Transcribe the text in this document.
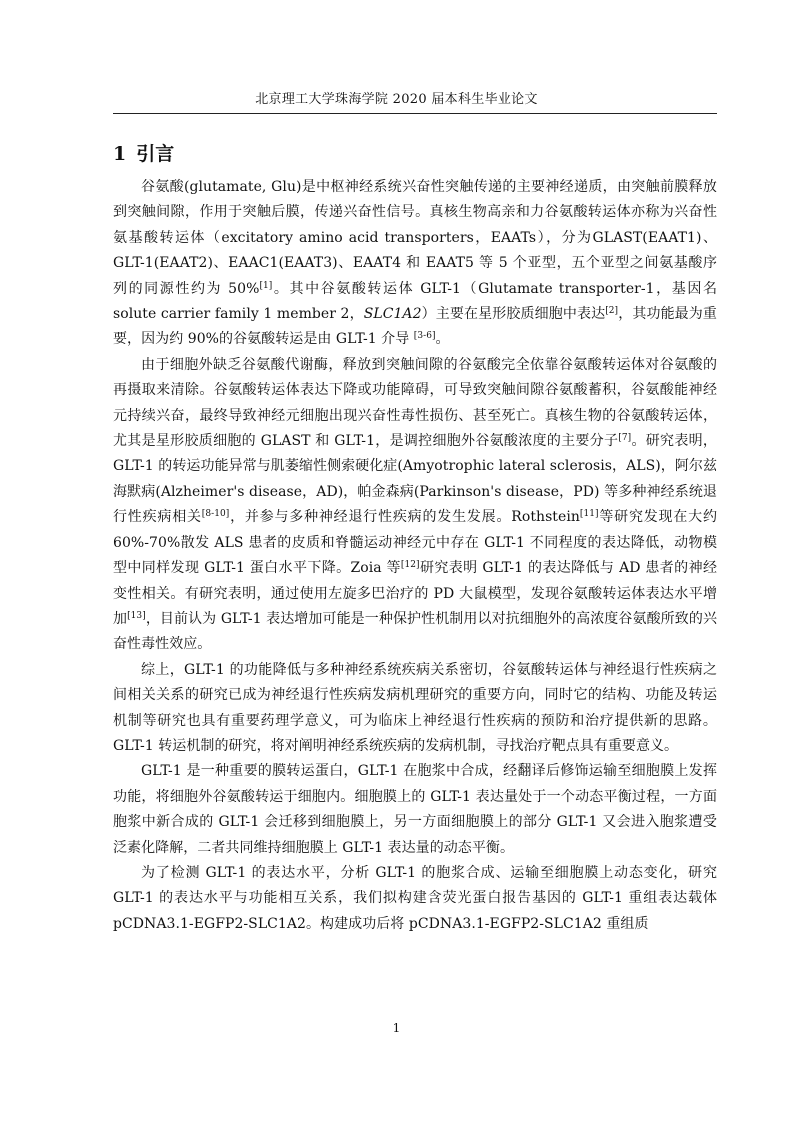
北京理工大学珠海学院 2020 届本科生毕业论文
1 引言

谷氨酸(glutamate, Glu)是中枢神经系统兴奋性突触传递的主要神经递质，由突触前膜释放到突触间隙，作用于突触后膜，传递兴奋性信号。真核生物高亲和力谷氨酸转运体亦称为兴奋性氨基酸转运体（excitatory amino acid transporters，EAATs），分为GLAST(EAAT1)、GLT-1(EAAT2)、EAAC1(EAAT3)、EAAT4 和 EAAT5 等 5 个亚型，五个亚型之间氨基酸序列的同源性约为 50%[1]。其中谷氨酸转运体 GLT-1（Glutamate transporter-1，基因名 solute carrier family 1 member 2，SLC1A2）主要在星形胶质细胞中表达[2]，其功能最为重要，因为约 90%的谷氨酸转运是由 GLT-1 介导 [3-6]。

由于细胞外缺乏谷氨酸代谢酶，释放到突触间隙的谷氨酸完全依靠谷氨酸转运体对谷氨酸的再摄取来清除。谷氨酸转运体表达下降或功能障碍，可导致突触间隙谷氨酸蓄积，谷氨酸能神经元持续兴奋，最终导致神经元细胞出现兴奋性毒性损伤、甚至死亡。真核生物的谷氨酸转运体，尤其是星形胶质细胞的 GLAST 和 GLT-1，是调控细胞外谷氨酸浓度的主要分子[7]。研究表明，GLT-1 的转运功能异常与肌萎缩性侧索硬化症(Amyotrophic lateral sclerosis，ALS)，阿尔兹海默病(Alzheimer's disease，AD)，帕金森病(Parkinson's disease，PD) 等多种神经系统退行性疾病相关[8-10]，并参与多种神经退行性疾病的发生发展。Rothstein[11]等研究发现在大约 60%-70%散发 ALS 患者的皮质和脊髓运动神经元中存在 GLT-1 不同程度的表达降低，动物模型中同样发现 GLT-1 蛋白水平下降。Zoia 等[12]研究表明 GLT-1 的表达降低与 AD 患者的神经变性相关。有研究表明，通过使用左旋多巴治疗的 PD 大鼠模型，发现谷氨酸转运体表达水平增加[13]，目前认为 GLT-1 表达增加可能是一种保护性机制用以对抗细胞外的高浓度谷氨酸所致的兴奋性毒性效应。

综上，GLT-1 的功能降低与多种神经系统疾病关系密切，谷氨酸转运体与神经退行性疾病之间相关关系的研究已成为神经退行性疾病发病机理研究的重要方向，同时它的结构、功能及转运机制等研究也具有重要药理学意义，可为临床上神经退行性疾病的预防和治疗提供新的思路。GLT-1 转运机制的研究，将对阐明神经系统疾病的发病机制，寻找治疗靶点具有重要意义。

GLT-1 是一种重要的膜转运蛋白，GLT-1 在胞浆中合成，经翻译后修饰运输至细胞膜上发挥功能，将细胞外谷氨酸转运于细胞内。细胞膜上的 GLT-1 表达量处于一个动态平衡过程，一方面胞浆中新合成的 GLT-1 会迁移到细胞膜上，另一方面细胞膜上的部分 GLT-1 又会进入胞浆遭受泛素化降解，二者共同维持细胞膜上 GLT-1 表达量的动态平衡。

为了检测 GLT-1 的表达水平，分析 GLT-1 的胞浆合成、运输至细胞膜上动态变化，研究 GLT-1 的表达水平与功能相互关系，我们拟构建含荧光蛋白报告基因的 GLT-1 重组表达载体 pCDNA3.1-EGFP2-SLC1A2。构建成功后将 pCDNA3.1-EGFP2-SLC1A2 重组质

1
